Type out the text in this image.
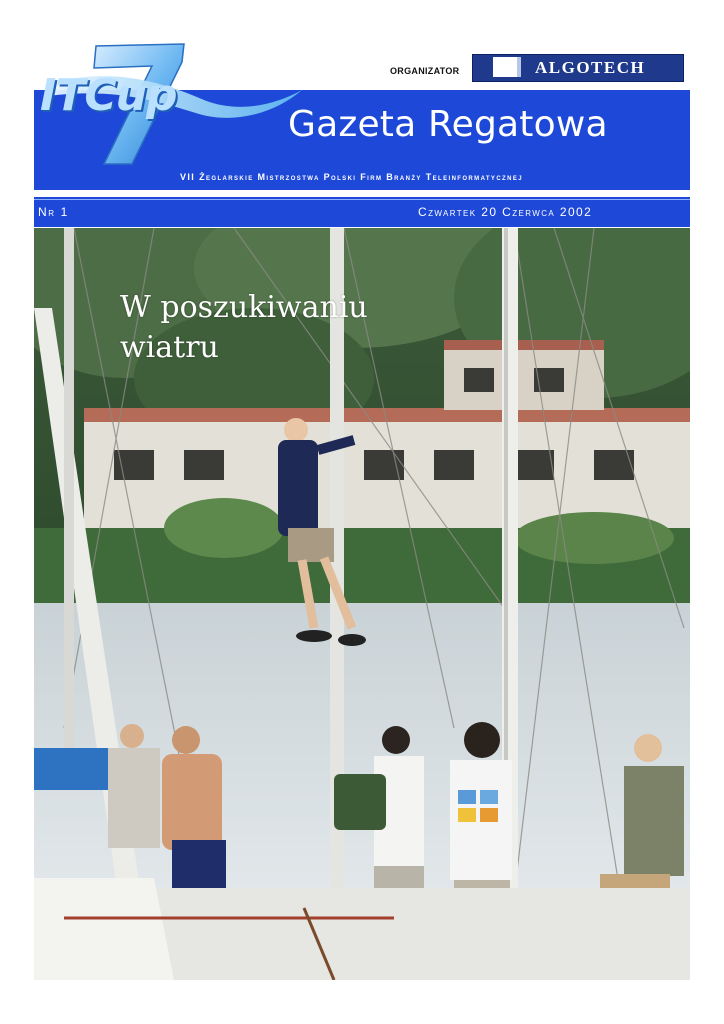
ORGANIZATOR	ALGOTECH
ITCup
Gazeta Regatowa
VII Żeglarskie Mistrzostwa Polski Firm Branży Teleinformatycznej
Nr 1	Czwartek 20 Czerwca 2002
W poszukiwaniu
wiatru
